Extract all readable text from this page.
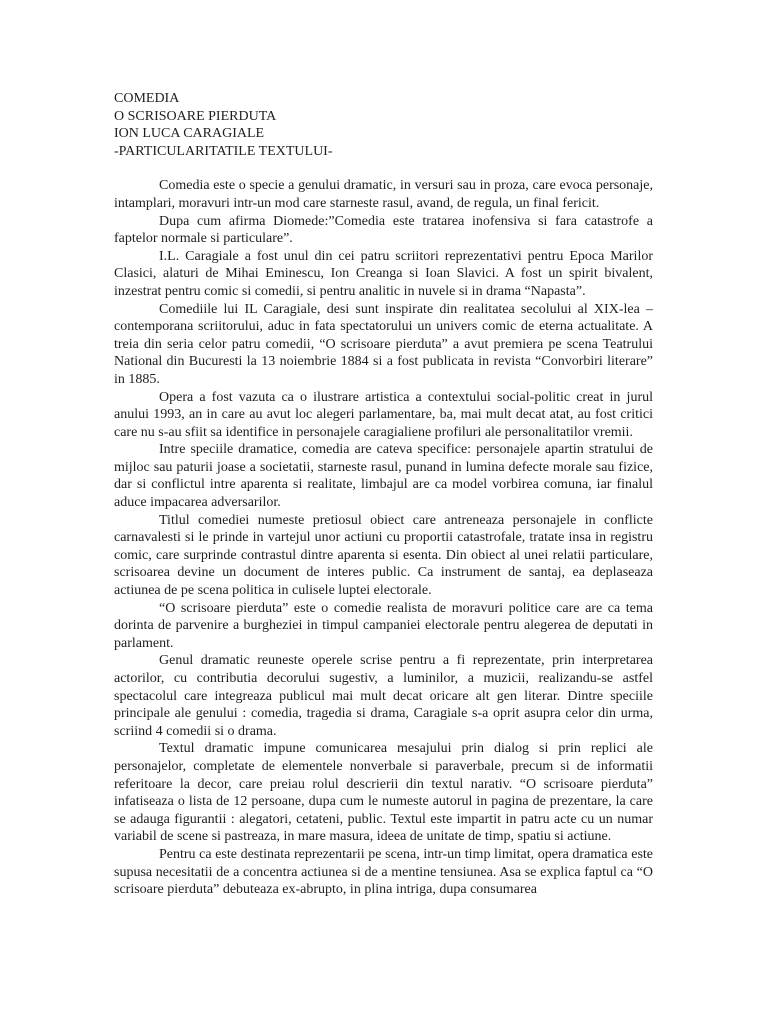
COMEDIA
O SCRISOARE PIERDUTA
ION LUCA CARAGIALE
-PARTICULARITATILE TEXTULUI-

Comedia este o specie a genului dramatic, in versuri sau in proza, care evoca personaje, intamplari, moravuri intr-un mod care starneste rasul, avand, de regula, un final fericit.

Dupa cum afirma Diomede:”Comedia este tratarea inofensiva si fara catastrofe a faptelor normale si particulare”.

I.L. Caragiale a fost unul din cei patru scriitori reprezentativi pentru Epoca Marilor Clasici, alaturi de Mihai Eminescu, Ion Creanga si Ioan Slavici. A fost un spirit bivalent, inzestrat pentru comic si comedii, si pentru analitic in nuvele si in drama “Napasta”.

Comediile lui IL Caragiale, desi sunt inspirate din realitatea secolului al XIX-lea – contemporana scriitorului, aduc in fata spectatorului un univers comic de eterna actualitate. A treia din seria celor patru comedii, “O scrisoare pierduta” a avut premiera pe scena Teatrului National din Bucuresti la 13 noiembrie 1884 si a fost publicata in revista “Convorbiri literare” in 1885.

Opera a fost vazuta ca o ilustrare artistica a contextului social-politic creat in jurul anului 1993, an in care au avut loc alegeri parlamentare, ba, mai mult decat atat, au fost critici care nu s-au sfiit sa identifice in personajele caragialiene profiluri ale personalitatilor vremii.

Intre speciile dramatice, comedia are cateva specifice: personajele apartin stratului de mijloc sau paturii joase a societatii, starneste rasul, punand in lumina defecte morale sau fizice, dar si conflictul intre aparenta si realitate, limbajul are ca model vorbirea comuna, iar finalul aduce impacarea adversarilor.

Titlul comediei numeste pretiosul obiect care antreneaza personajele in conflicte carnavalesti si le prinde in vartejul unor actiuni cu proportii catastrofale, tratate insa in registru comic, care surprinde contrastul dintre aparenta si esenta. Din obiect al unei relatii particulare, scrisoarea devine un document de interes public. Ca instrument de santaj, ea deplaseaza actiunea de pe scena politica in culisele luptei electorale.

“O scrisoare pierduta” este o comedie realista de moravuri politice care are ca tema dorinta de parvenire a burgheziei in timpul campaniei electorale pentru alegerea de deputati in parlament.

Genul dramatic reuneste operele scrise pentru a fi reprezentate, prin interpretarea actorilor, cu contributia decorului sugestiv, a luminilor, a muzicii, realizandu-se astfel spectacolul care integreaza publicul mai mult decat oricare alt gen literar. Dintre speciile principale ale genului : comedia, tragedia si drama, Caragiale s-a oprit asupra celor din urma, scriind 4 comedii si o drama.

Textul dramatic impune comunicarea mesajului prin dialog si prin replici ale personajelor, completate de elementele nonverbale si paraverbale, precum si de informatii referitoare la decor, care preiau rolul descrierii din textul narativ. “O scrisoare pierduta” infatiseaza o lista de 12 persoane, dupa cum le numeste autorul in pagina de prezentare, la care se adauga figurantii : alegatori, cetateni, public. Textul este impartit in patru acte cu un numar variabil de scene si pastreaza, in mare masura, ideea de unitate de timp, spatiu si actiune.

Pentru ca este destinata reprezentarii pe scena, intr-un timp limitat, opera dramatica este supusa necesitatii de a concentra actiunea si de a mentine tensiunea. Asa se explica faptul ca “O scrisoare pierduta” debuteaza ex-abrupto, in plina intriga, dupa consumarea
